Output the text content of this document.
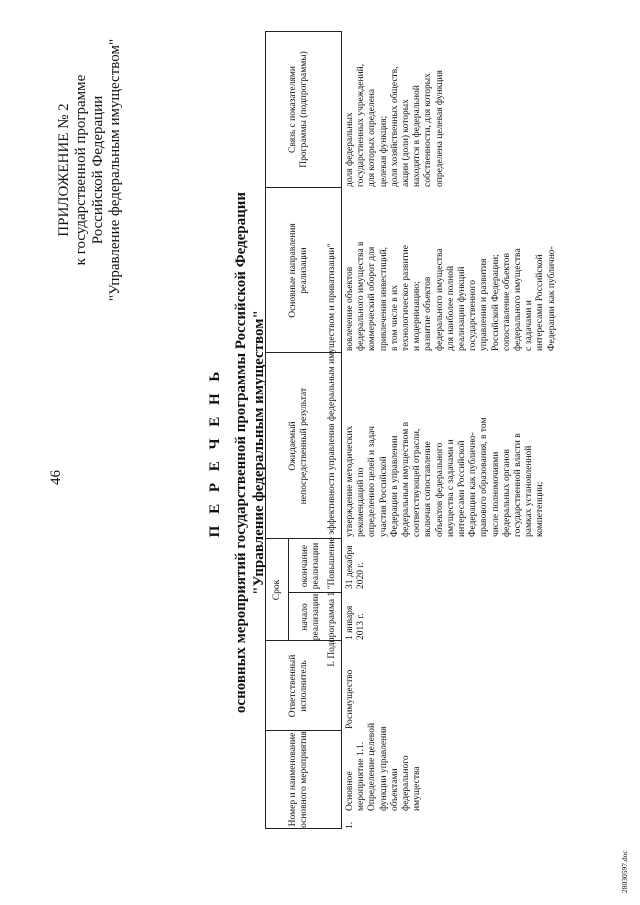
46
ПРИЛОЖЕНИЕ № 2 к государственной программе Российской Федерации "Управление федеральным имуществом"
П Е Р Е Ч Е Н Ь основных мероприятий государственной программы Российской Федерации "Управление федеральным имуществом"
Номер и наименование основного мероприятия
Ответственный исполнитель
Срок
начало реализации
окончание реализации
Ожидаемый непосредственный результат
Основные направления реализации
Связь с показателями Программы (подпрограммы)
I. Подпрограмма 1 "Повышение эффективности управления федеральным имуществом и приватизации"
1.
Основное мероприятие 1.1. Определение целевой функции управления объектами федерального имущества
Росимущество
1 января 2013 г.
31 декабря 2020 г.
утверждение методических рекомендаций по определению целей и задач участия Российской Федерации в управлении федеральным имуществом в соответствующей отрасли, включая сопоставление объектов федерального имущества с задачами и интересами Российской Федерации как публично- правового образования, в том числе полномочиями федеральных органов государственной власти в рамках установленной компетенции;
вовлечение объектов федерального имущества в коммерческий оборот для привлечения инвестиций, в том числе в их технологическое развитие и модернизацию; развитие объектов федерального имущества для наиболее полной реализации функций государственного управления и развития Российской Федерации; сопоставление объектов федерального имущества с задачами и интересами Российской Федерации как публично-
доля федеральных государственных учреждений, для которых определена целевая функция; доля хозяйственных обществ, акции (доли) которых находятся в федеральной собственности, для которых определена целевая функция
28030597.doc
